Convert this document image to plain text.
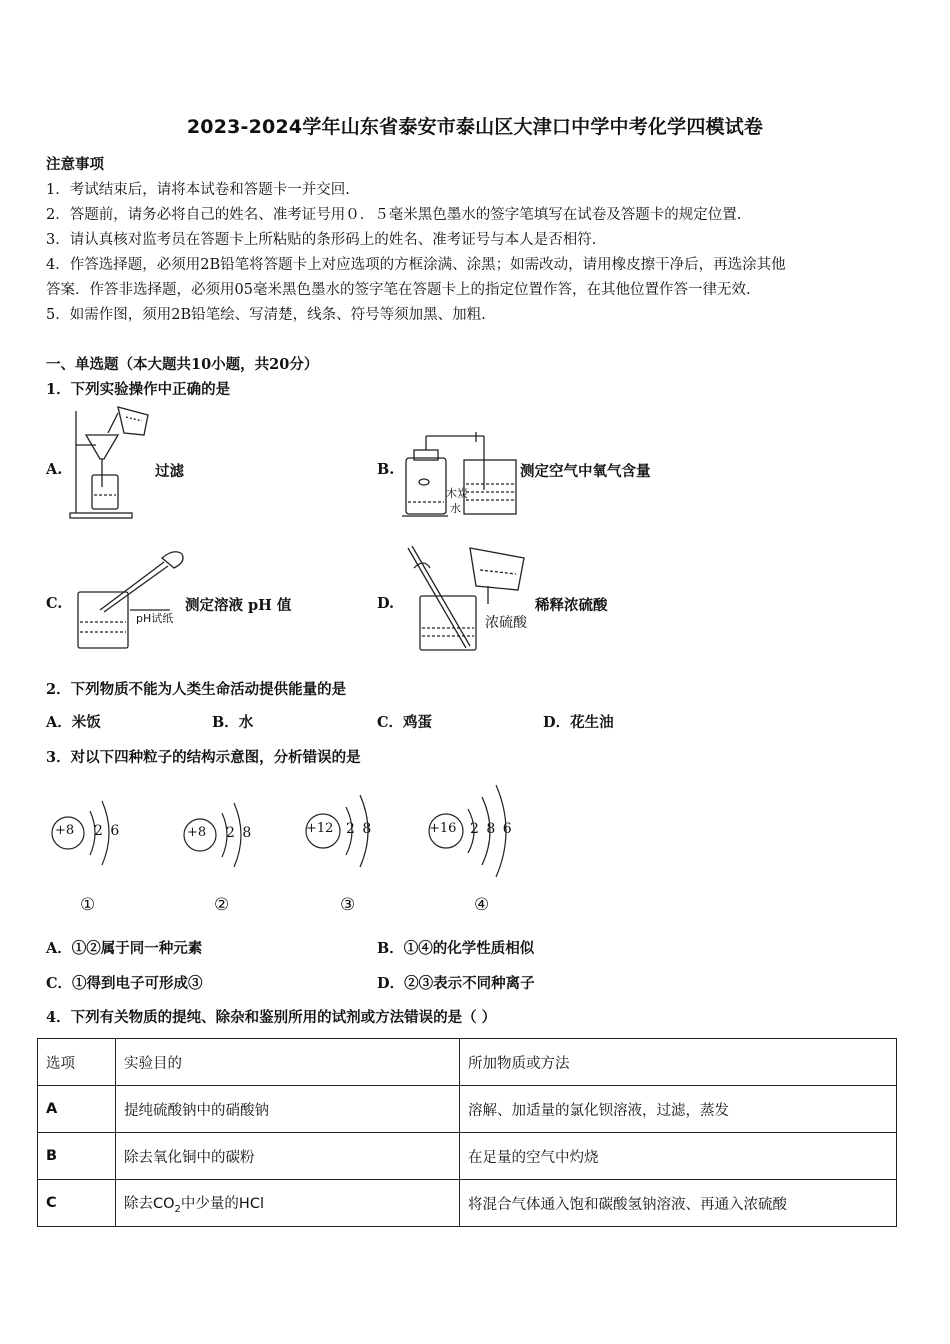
2023-2024学年山东省泰安市泰山区大津口中学中考化学四模试卷
注意事项
1．考试结束后，请将本试卷和答题卡一并交回.
2．答题前，请务必将自己的姓名、准考证号用０．５毫米黑色墨水的签字笔填写在试卷及答题卡的规定位置.
3．请认真核对监考员在答题卡上所粘贴的条形码上的姓名、准考证号与本人是否相符.
4．作答选择题，必须用2B铅笔将答题卡上对应选项的方框涂满、涂黑；如需改动，请用橡皮擦干净后，再选涂其他
答案．作答非选择题，必须用05毫米黑色墨水的签字笔在答题卡上的指定位置作答，在其他位置作答一律无效.
5．如需作图，须用2B铅笔绘、写清楚，线条、符号等须加黑、加粗.
一、单选题（本大题共10小题，共20分）
1．下列实验操作中正确的是
A.	过滤	B.
木炭
水
测定空气中氧气含量
C.
pH试纸
测定溶液 pH 值	D.
浓硫酸
稀释浓硫酸
2．下列物质不能为人类生命活动提供能量的是
A．米饭	B．水	C．鸡蛋	D．花生油
3．对以下四种粒子的结构示意图，分析错误的是
+8 2 6	+8 2 8	+12 2 8	+16 2 8 6
①	②	③	④
A．①②属于同一种元素	B．①④的化学性质相似
C．①得到电子可形成③	D．②③表示不同种离子
4．下列有关物质的提纯、除杂和鉴别所用的试剂或方法错误的是（ ）
选项	实验目的	所加物质或方法
A	提纯硫酸钠中的硝酸钠	溶解、加适量的氯化钡溶液，过滤，蒸发
B	除去氧化铜中的碳粉	在足量的空气中灼烧
C	除去$CO_2$中少量的HCl	将混合气体通入饱和碳酸氢钠溶液、再通入浓硫酸
